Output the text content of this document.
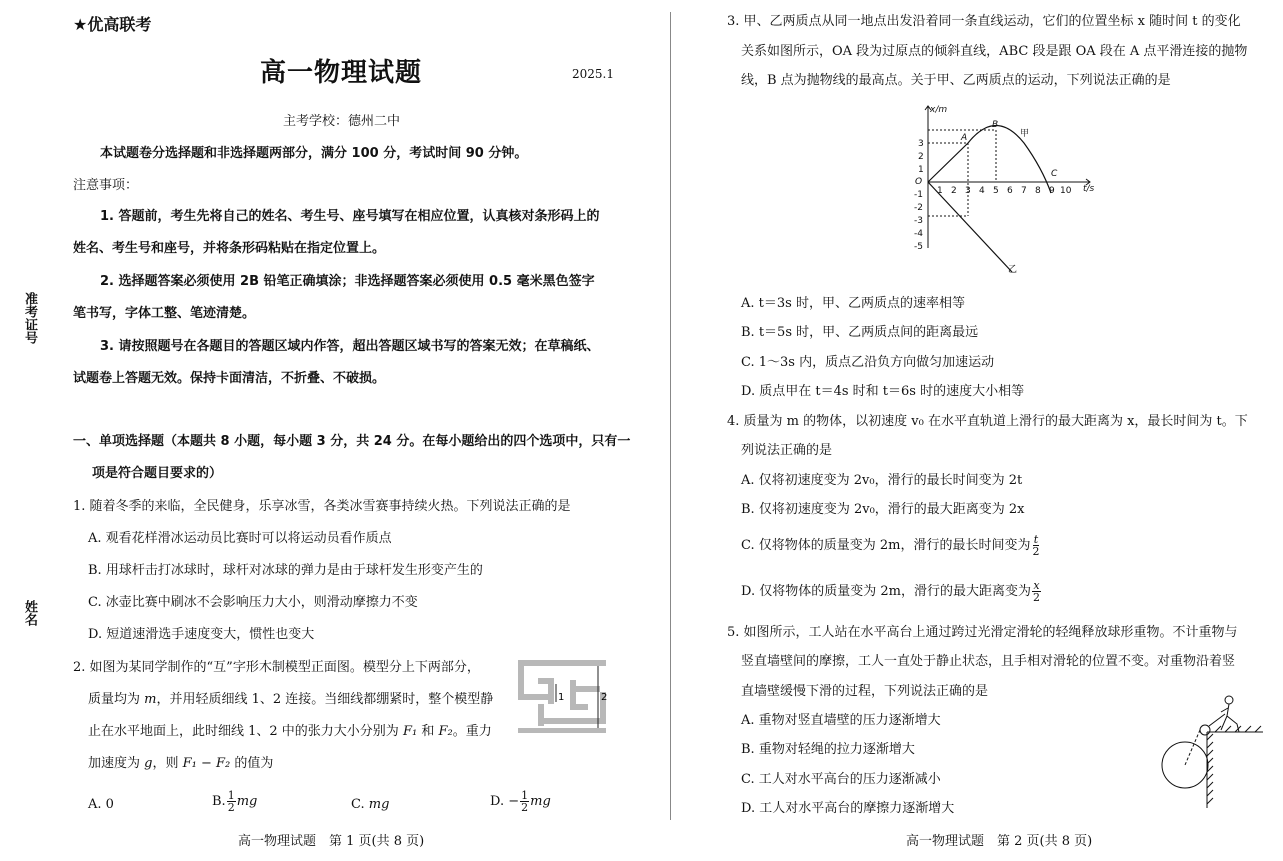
★优高联考
高一物理试题	2025.1
主考学校：德州二中
本试题卷分选择题和非选择题两部分，满分 100 分，考试时间 90 分钟。
注意事项：
1. 答题前，考生先将自己的姓名、考生号、座号填写在相应位置，认真核对条形码上的
姓名、考生号和座号，并将条形码粘贴在指定位置上。
2. 选择题答案必须使用 2B 铅笔正确填涂；非选择题答案必须使用 0.5 毫米黑色签字
笔书写，字体工整、笔迹清楚。
3. 请按照题号在各题目的答题区域内作答，超出答题区域书写的答案无效；在草稿纸、
试题卷上答题无效。保持卡面清洁，不折叠、不破损。
准考证号
姓名
一、单项选择题（本题共 8 小题，每小题 3 分，共 24 分。在每小题给出的四个选项中，只有一
项是符合题目要求的）
1. 随着冬季的来临，全民健身，乐享冰雪，各类冰雪赛事持续火热。下列说法正确的是
A. 观看花样滑冰运动员比赛时可以将运动员看作质点
B. 用球杆击打冰球时，球杆对冰球的弹力是由于球杆发生形变产生的
C. 冰壶比赛中刷冰不会影响压力大小，则滑动摩擦力不变
D. 短道速滑选手速度变大，惯性也变大
2. 如图为某同学制作的“互”字形木制模型正面图。模型分上下两部分，
质量均为 m，并用轻质细线 1、2 连接。当细线都绷紧时，整个模型静
止在水平地面上，此时细线 1、2 中的张力大小分别为 F₁ 和 F₂。重力
加速度为 g，则 F₁ − F₂ 的值为
1	2
A. 0	B. $\frac{1}{2}$ mg	C. mg	D. − $\frac{1}{2}$ mg
高一物理试题　第 1 页(共 8 页)
3. 甲、乙两质点从同一地点出发沿着同一条直线运动，它们的位置坐标 x 随时间 t 的变化
关系如图所示，OA 段为过原点的倾斜直线，ABC 段是跟 OA 段在 A 点平滑连接的抛物
线，B 点为抛物线的最高点。关于甲、乙两质点的运动，下列说法正确的是
x/m
t/s
O
3
2
1
-1
-2
-3
-4
-5
1 2 3 4 5 6 7 8 9 10
A
B
C
甲
乙
A. t＝3s 时，甲、乙两质点的速率相等
B. t＝5s 时，甲、乙两质点间的距离最远
C. 1～3s 内，质点乙沿负方向做匀加速运动
D. 质点甲在 t＝4s 时和 t＝6s 时的速度大小相等
4. 质量为 m 的物体，以初速度 v₀ 在水平直轨道上滑行的最大距离为 x，最长时间为 t。下
列说法正确的是
A. 仅将初速度变为 2v₀，滑行的最长时间变为 2t
B. 仅将初速度变为 2v₀，滑行的最大距离变为 2x
C. 仅将物体的质量变为 2m，滑行的最长时间变为 $\frac{t}{2}$
D. 仅将物体的质量变为 2m，滑行的最大距离变为 $\frac{x}{2}$
5. 如图所示，工人站在水平高台上通过跨过光滑定滑轮的轻绳释放球形重物。不计重物与
竖直墙壁间的摩擦，工人一直处于静止状态，且手相对滑轮的位置不变。对重物沿着竖
直墙壁缓慢下滑的过程，下列说法正确的是
A. 重物对竖直墙壁的压力逐渐增大
B. 重物对轻绳的拉力逐渐增大
C. 工人对水平高台的压力逐渐减小
D. 工人对水平高台的摩擦力逐渐增大
高一物理试题　第 2 页(共 8 页)
